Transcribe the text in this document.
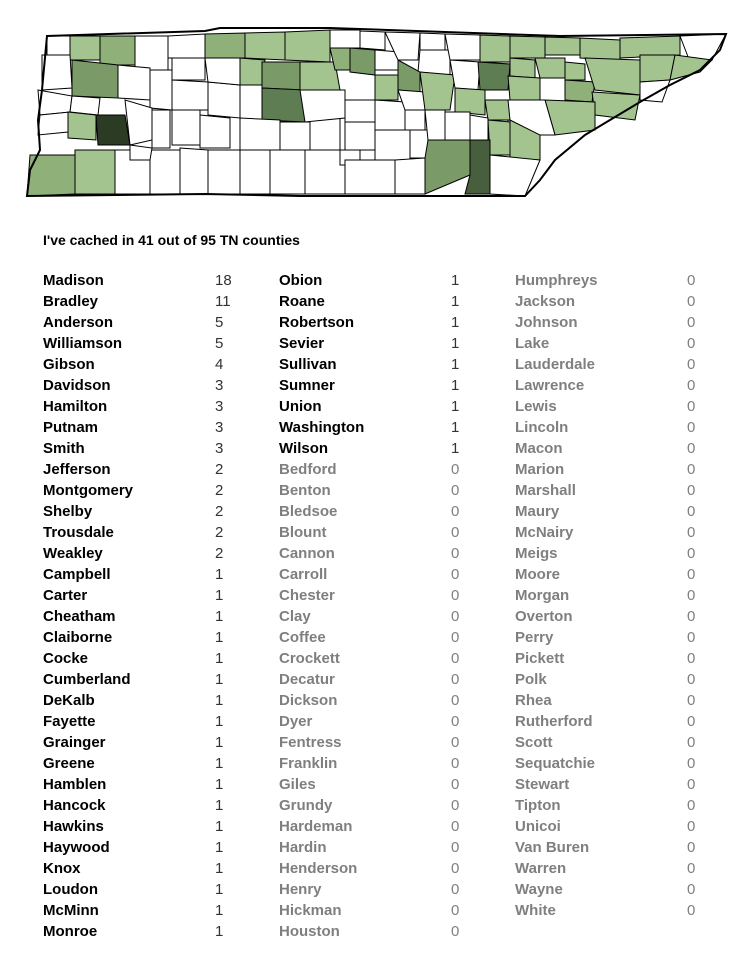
I've cached in 41 out of 95 TN counties
Madison	18
Bradley	11
Anderson	5
Williamson	5
Gibson	4
Davidson	3
Hamilton	3
Putnam	3
Smith	3
Jefferson	2
Montgomery	2
Shelby	2
Trousdale	2
Weakley	2
Campbell	1
Carter	1
Cheatham	1
Claiborne	1
Cocke	1
Cumberland	1
DeKalb	1
Fayette	1
Grainger	1
Greene	1
Hamblen	1
Hancock	1
Hawkins	1
Haywood	1
Knox	1
Loudon	1
McMinn	1
Monroe	1
Obion	1
Roane	1
Robertson	1
Sevier	1
Sullivan	1
Sumner	1
Union	1
Washington	1
Wilson	1
Bedford	0
Benton	0
Bledsoe	0
Blount	0
Cannon	0
Carroll	0
Chester	0
Clay	0
Coffee	0
Crockett	0
Decatur	0
Dickson	0
Dyer	0
Fentress	0
Franklin	0
Giles	0
Grundy	0
Hardeman	0
Hardin	0
Henderson	0
Henry	0
Hickman	0
Houston	0
Humphreys	0
Jackson	0
Johnson	0
Lake	0
Lauderdale	0
Lawrence	0
Lewis	0
Lincoln	0
Macon	0
Marion	0
Marshall	0
Maury	0
McNairy	0
Meigs	0
Moore	0
Morgan	0
Overton	0
Perry	0
Pickett	0
Polk	0
Rhea	0
Rutherford	0
Scott	0
Sequatchie	0
Stewart	0
Tipton	0
Unicoi	0
Van Buren	0
Warren	0
Wayne	0
White	0
